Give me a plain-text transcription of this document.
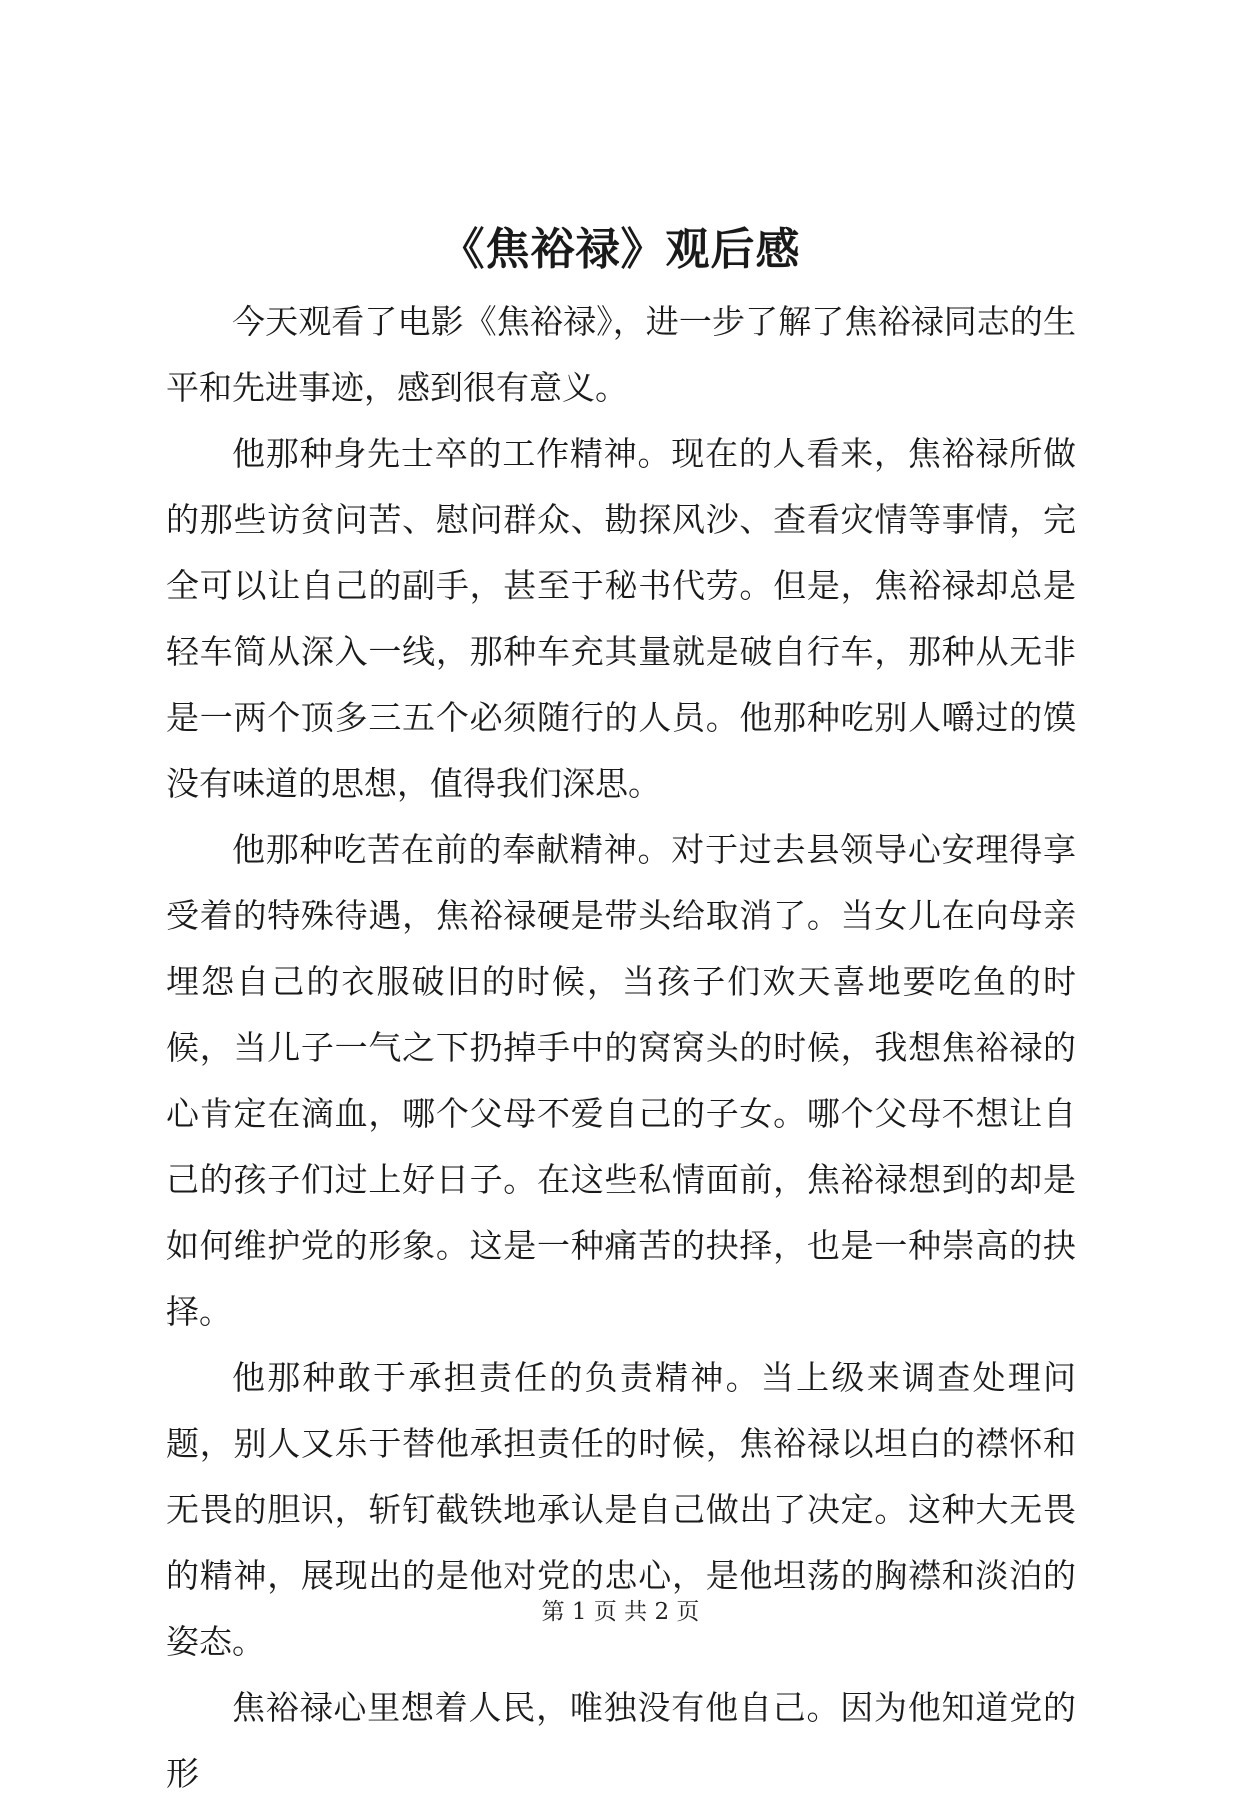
《焦裕禄》观后感

今天观看了电影《焦裕禄》，进一步了解了焦裕禄同志的生平和先进事迹，感到很有意义。

他那种身先士卒的工作精神。现在的人看来，焦裕禄所做的那些访贫问苦、慰问群众、勘探风沙、查看灾情等事情，完全可以让自己的副手，甚至于秘书代劳。但是，焦裕禄却总是轻车简从深入一线，那种车充其量就是破自行车，那种从无非是一两个顶多三五个必须随行的人员。他那种吃别人嚼过的馍没有味道的思想，值得我们深思。

他那种吃苦在前的奉献精神。对于过去县领导心安理得享受着的特殊待遇，焦裕禄硬是带头给取消了。当女儿在向母亲埋怨自己的衣服破旧的时候，当孩子们欢天喜地要吃鱼的时候，当儿子一气之下扔掉手中的窝窝头的时候，我想焦裕禄的心肯定在滴血，哪个父母不爱自己的子女。哪个父母不想让自己的孩子们过上好日子。在这些私情面前，焦裕禄想到的却是如何维护党的形象。这是一种痛苦的抉择，也是一种崇高的抉择。

他那种敢于承担责任的负责精神。当上级来调查处理问题，别人又乐于替他承担责任的时候，焦裕禄以坦白的襟怀和无畏的胆识，斩钉截铁地承认是自己做出了决定。这种大无畏的精神，展现出的是他对党的忠心，是他坦荡的胸襟和淡泊的姿态。

焦裕禄心里想着人民，唯独没有他自己。因为他知道党的形

第 1 页 共 2 页
